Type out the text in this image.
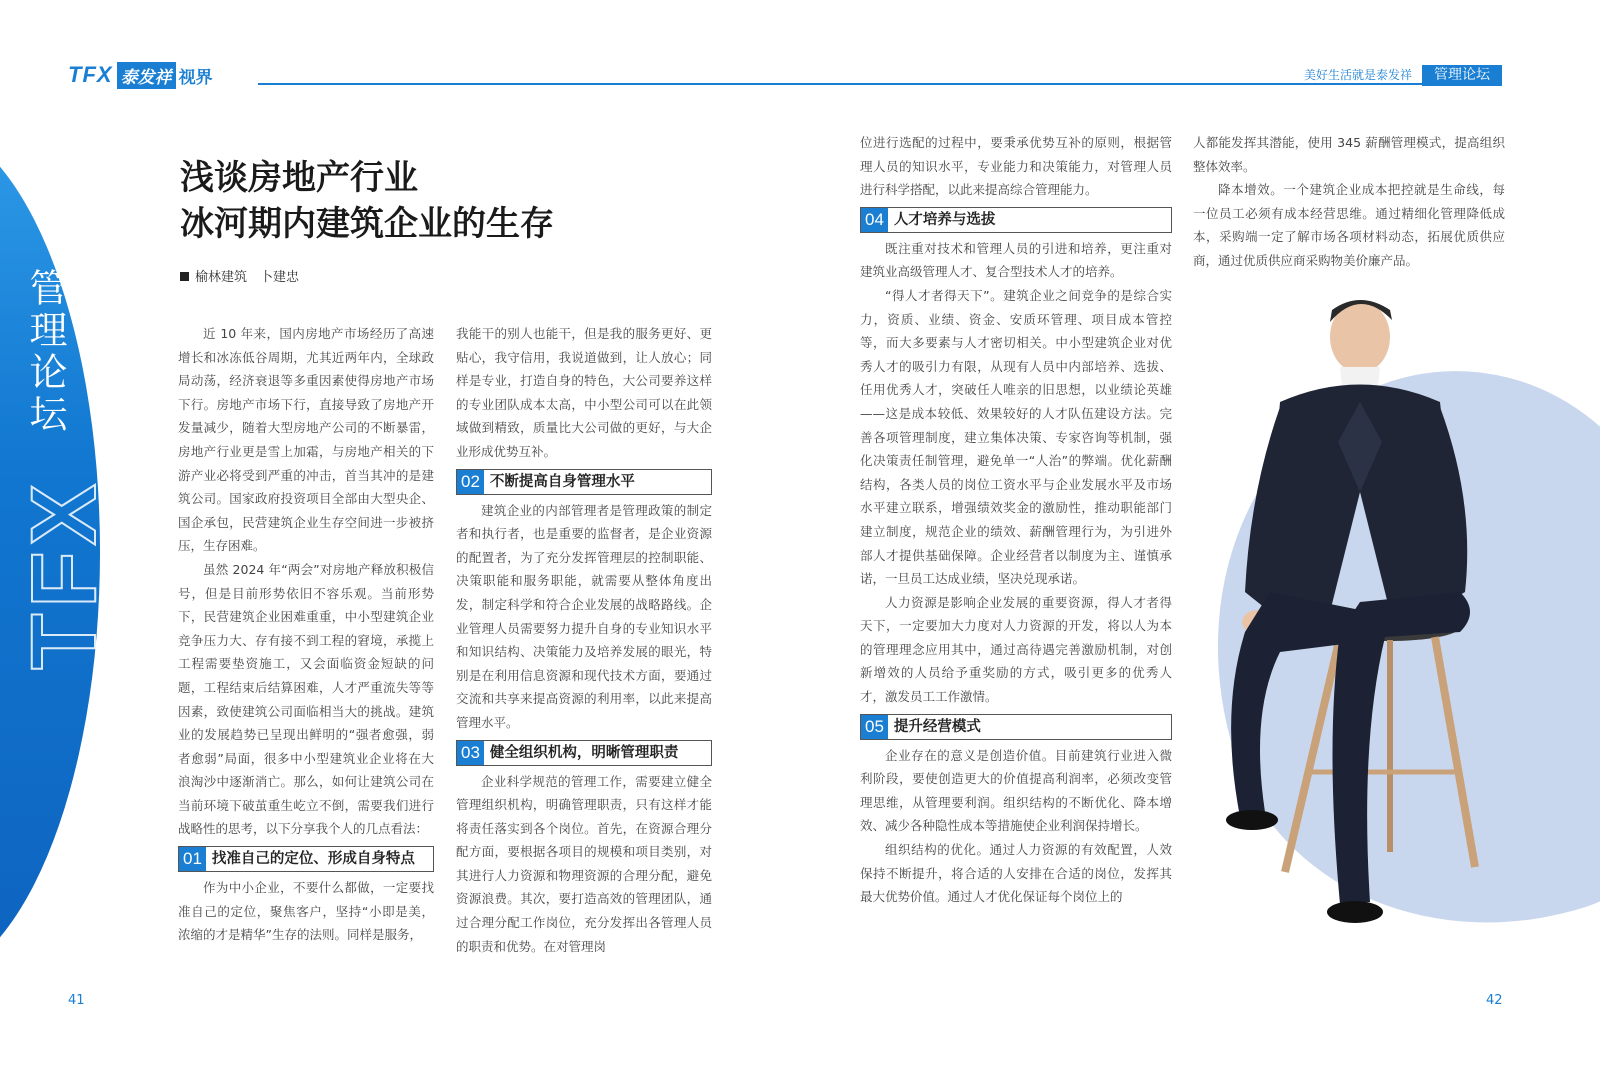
TFX 泰发祥 视界	美好生活就是泰发祥	管理论坛
管理论坛
TFX
浅谈房地产行业
冰河期内建筑企业的生存
榆林建筑　卜建忠

近 10 年来，国内房地产市场经历了高速增长和冰冻低谷周期，尤其近两年内，全球政局动荡，经济衰退等多重因素使得房地产市场下行。房地产市场下行，直接导致了房地产开发量减少，随着大型房地产公司的不断暴雷，房地产行业更是雪上加霜，与房地产相关的下游产业必将受到严重的冲击，首当其冲的是建筑公司。国家政府投资项目全部由大型央企、国企承包，民营建筑企业生存空间进一步被挤压，生存困难。

虽然 2024 年“两会”对房地产释放积极信号，但是目前形势依旧不容乐观。当前形势下，民营建筑企业困难重重，中小型建筑企业竞争压力大、存有接不到工程的窘境，承揽上工程需要垫资施工，又会面临资金短缺的问题，工程结束后结算困难，人才严重流失等等因素，致使建筑公司面临相当大的挑战。建筑业的发展趋势已呈现出鲜明的“强者愈强，弱者愈弱”局面，很多中小型建筑业企业将在大浪淘沙中逐渐消亡。那么，如何让建筑公司在当前环境下破茧重生屹立不倒，需要我们进行战略性的思考，以下分享我个人的几点看法：

01 找准自己的定位、形成自身特点

作为中小企业，不要什么都做，一定要找准自己的定位，聚焦客户，坚持“小即是美，浓缩的才是精华”生存的法则。同样是服务，

我能干的别人也能干，但是我的服务更好、更贴心，我守信用，我说道做到，让人放心；同样是专业，打造自身的特色，大公司要养这样的专业团队成本太高，中小型公司可以在此领域做到精致，质量比大公司做的更好，与大企业形成优势互补。

02 不断提高自身管理水平

建筑企业的内部管理者是管理政策的制定者和执行者，也是重要的监督者，是企业资源的配置者，为了充分发挥管理层的控制职能、决策职能和服务职能，就需要从整体角度出发，制定科学和符合企业发展的战略路线。企业管理人员需要努力提升自身的专业知识水平和知识结构、决策能力及培养发展的眼光，特别是在利用信息资源和现代技术方面，要通过交流和共享来提高资源的利用率，以此来提高管理水平。

03 健全组织机构，明晰管理职责

企业科学规范的管理工作，需要建立健全管理组织机构，明确管理职责，只有这样才能将责任落实到各个岗位。首先，在资源合理分配方面，要根据各项目的规模和项目类别，对其进行人力资源和物理资源的合理分配，避免资源浪费。其次，要打造高效的管理团队，通过合理分配工作岗位，充分发挥出各管理人员的职责和优势。在对管理岗

位进行选配的过程中，要秉承优势互补的原则，根据管理人员的知识水平，专业能力和决策能力，对管理人员进行科学搭配，以此来提高综合管理能力。

04 人才培养与选拔

既注重对技术和管理人员的引进和培养，更注重对建筑业高级管理人才、复合型技术人才的培养。

“得人才者得天下”。建筑企业之间竞争的是综合实力，资质、业绩、资金、安质环管理、项目成本管控等，而大多要素与人才密切相关。中小型建筑企业对优秀人才的吸引力有限，从现有人员中内部培养、选拔、任用优秀人才，突破任人唯亲的旧思想，以业绩论英雄——这是成本较低、效果较好的人才队伍建设方法。完善各项管理制度，建立集体决策、专家咨询等机制，强化决策责任制管理，避免单一“人治”的弊端。优化薪酬结构，各类人员的岗位工资水平与企业发展水平及市场水平建立联系，增强绩效奖金的激励性，推动职能部门建立制度，规范企业的绩效、薪酬管理行为，为引进外部人才提供基础保障。企业经营者以制度为主、谨慎承诺，一旦员工达成业绩，坚决兑现承诺。

人力资源是影响企业发展的重要资源，得人才者得天下，一定要加大力度对人力资源的开发，将以人为本的管理理念应用其中，通过高待遇完善激励机制，对创新增效的人员给予重奖励的方式，吸引更多的优秀人才，激发员工工作激情。

05 提升经营模式

企业存在的意义是创造价值。目前建筑行业进入微利阶段，要使创造更大的价值提高利润率，必须改变管理思维，从管理要利润。组织结构的不断优化、降本增效、减少各种隐性成本等措施使企业利润保持增长。

组织结构的优化。通过人力资源的有效配置，人效保持不断提升，将合适的人安排在合适的岗位，发挥其最大优势价值。通过人才优化保证每个岗位上的

人都能发挥其潜能，使用 345 薪酬管理模式，提高组织整体效率。

降本增效。一个建筑企业成本把控就是生命线，每一位员工必须有成本经营思维。通过精细化管理降低成本，采购端一定了解市场各项材料动态，拓展优质供应商，通过优质供应商采购物美价廉产品。

41	42
